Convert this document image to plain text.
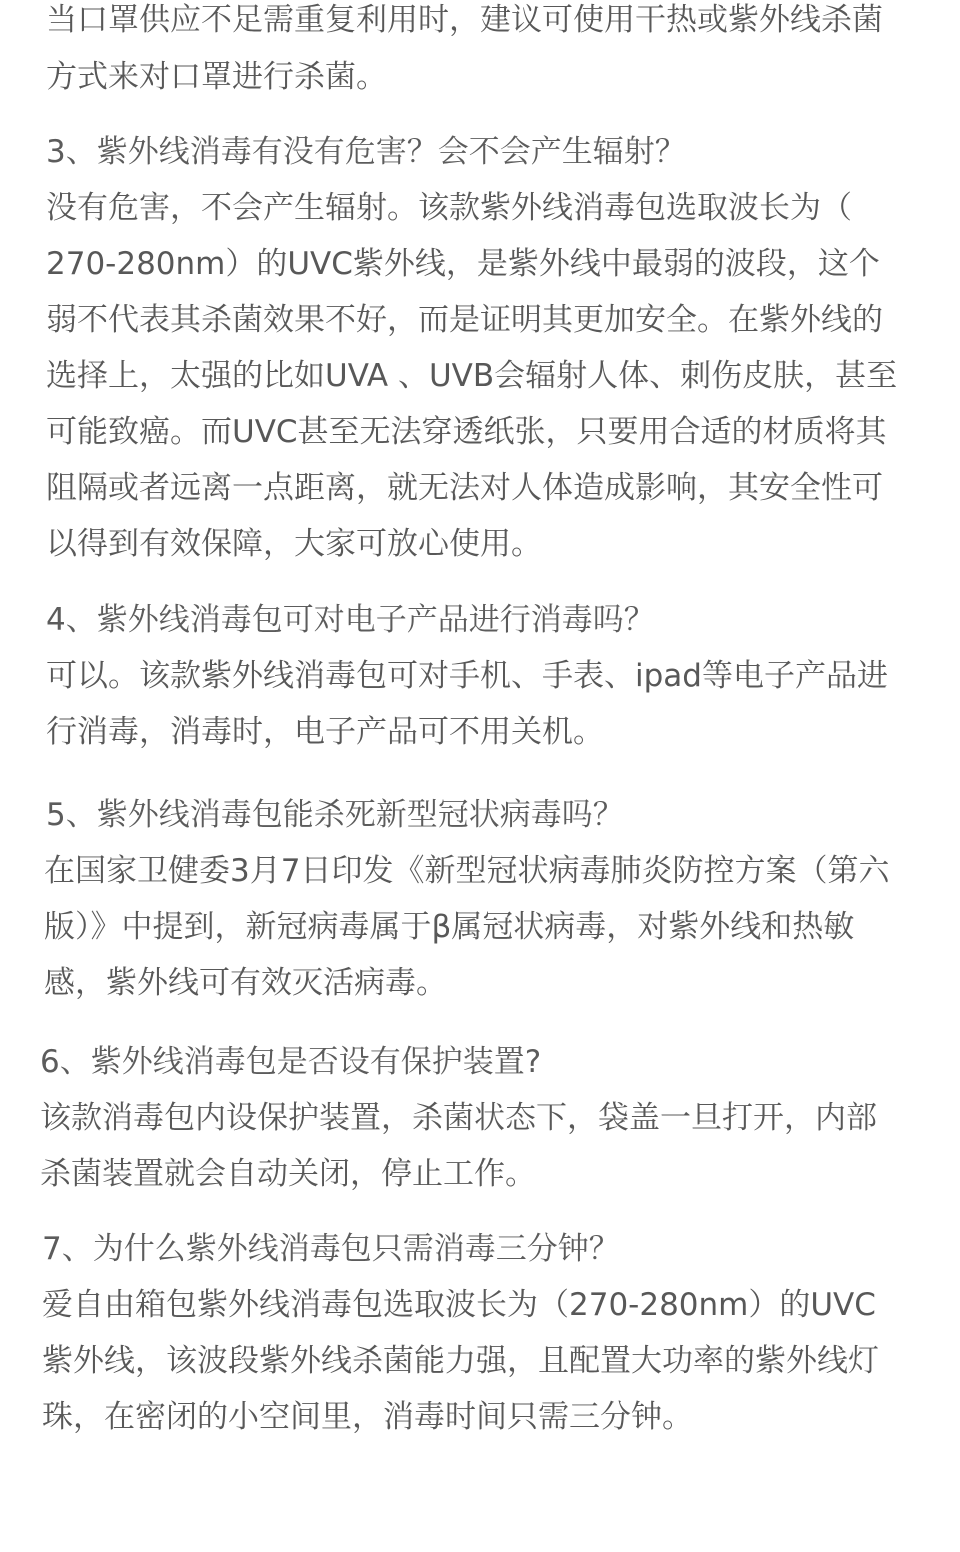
当口罩供应不足需重复利用时，建议可使用干热或紫外线杀菌
方式来对口罩进行杀菌。
3、紫外线消毒有没有危害？会不会产生辐射？
没有危害，不会产生辐射。该款紫外线消毒包选取波长为（
270-280nm）的UVC紫外线，是紫外线中最弱的波段，这个
弱不代表其杀菌效果不好，而是证明其更加安全。在紫外线的
选择上，太强的比如UVA 、UVB会辐射人体、刺伤皮肤，甚至
可能致癌。而UVC甚至无法穿透纸张，只要用合适的材质将其
阻隔或者远离一点距离，就无法对人体造成影响，其安全性可
以得到有效保障，大家可放心使用。
4、紫外线消毒包可对电子产品进行消毒吗？
可以。该款紫外线消毒包可对手机、手表、ipad等电子产品进
行消毒，消毒时，电子产品可不用关机。
5、紫外线消毒包能杀死新型冠状病毒吗？
在国家卫健委3月7日印发《新型冠状病毒肺炎防控方案（第六
版）》中提到，新冠病毒属于β属冠状病毒，对紫外线和热敏
感，紫外线可有效灭活病毒。
6、紫外线消毒包是否设有保护装置?
该款消毒包内设保护装置，杀菌状态下，袋盖一旦打开，内部
杀菌装置就会自动关闭，停止工作。
7、为什么紫外线消毒包只需消毒三分钟？
爱自由箱包紫外线消毒包选取波长为（270-280nm）的UVC
紫外线，该波段紫外线杀菌能力强，且配置大功率的紫外线灯
珠，在密闭的小空间里，消毒时间只需三分钟。
